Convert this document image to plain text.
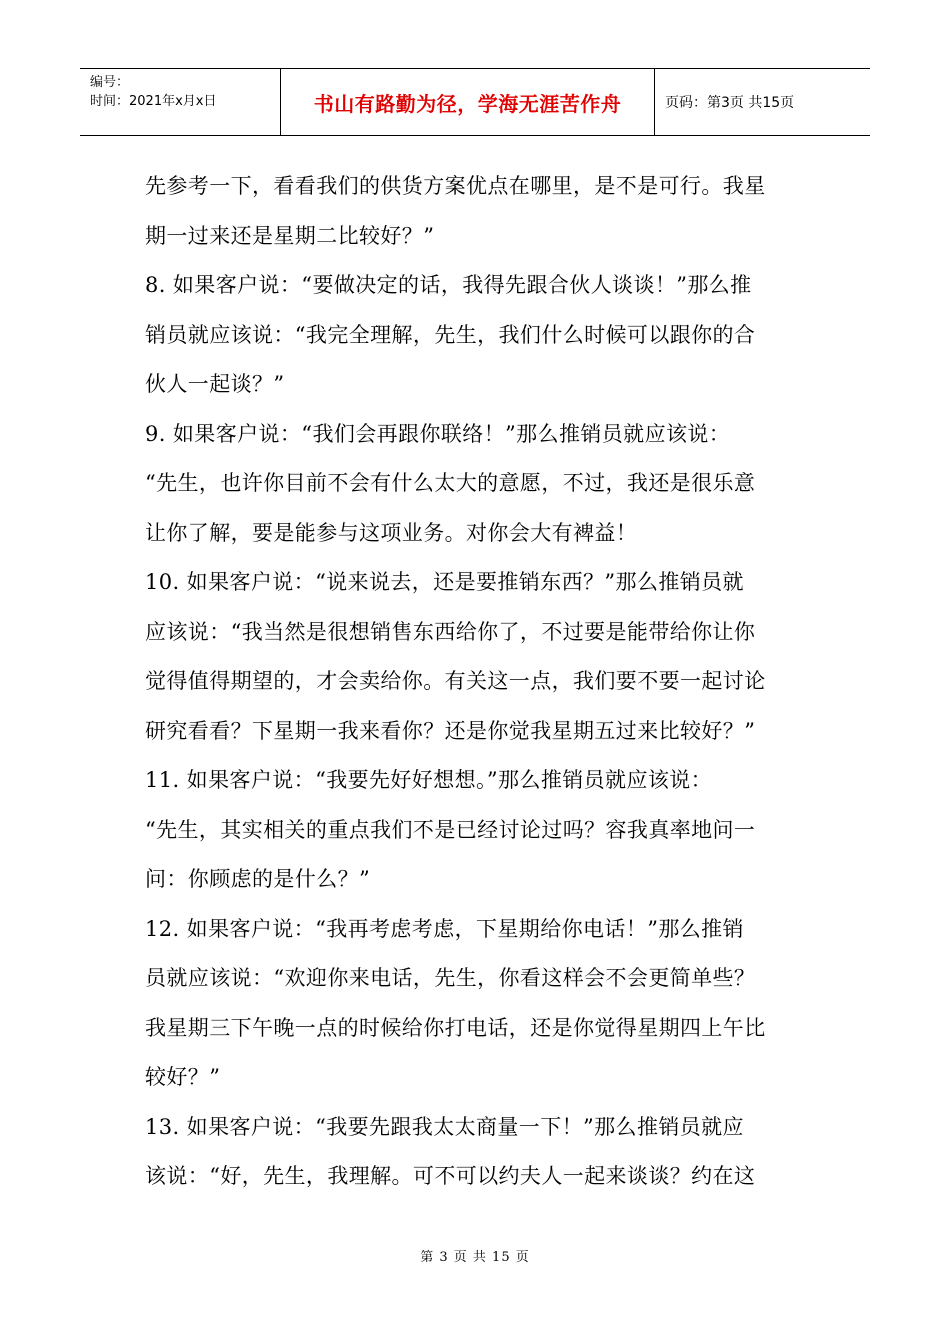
编号：
时间：2021年x月x日	书山有路勤为径，学海无涯苦作舟	页码：第3页 共15页

先参考一下，看看我们的供货方案优点在哪里，是不是可行。我星

期一过来还是星期二比较好？”

8. 如果客户说：“要做决定的话，我得先跟合伙人谈谈！”那么推

销员就应该说：“我完全理解，先生，我们什么时候可以跟你的合

伙人一起谈？”

9. 如果客户说：“我们会再跟你联络！”那么推销员就应该说：

“先生，也许你目前不会有什么太大的意愿，不过，我还是很乐意

让你了解，要是能参与这项业务。对你会大有裨益！

10. 如果客户说：“说来说去，还是要推销东西？”那么推销员就

应该说：“我当然是很想销售东西给你了，不过要是能带给你让你

觉得值得期望的，才会卖给你。有关这一点，我们要不要一起讨论

研究看看？下星期一我来看你？还是你觉我星期五过来比较好？”

11. 如果客户说：“我要先好好想想。”那么推销员就应该说：

“先生，其实相关的重点我们不是已经讨论过吗？容我真率地问一

问：你顾虑的是什么？”

12. 如果客户说：“我再考虑考虑，下星期给你电话！”那么推销

员就应该说：“欢迎你来电话，先生，你看这样会不会更简单些？

我星期三下午晚一点的时候给你打电话，还是你觉得星期四上午比

较好？”

13. 如果客户说：“我要先跟我太太商量一下！”那么推销员就应

该说：“好，先生，我理解。可不可以约夫人一起来谈谈？约在这

第 3 页 共 15 页
